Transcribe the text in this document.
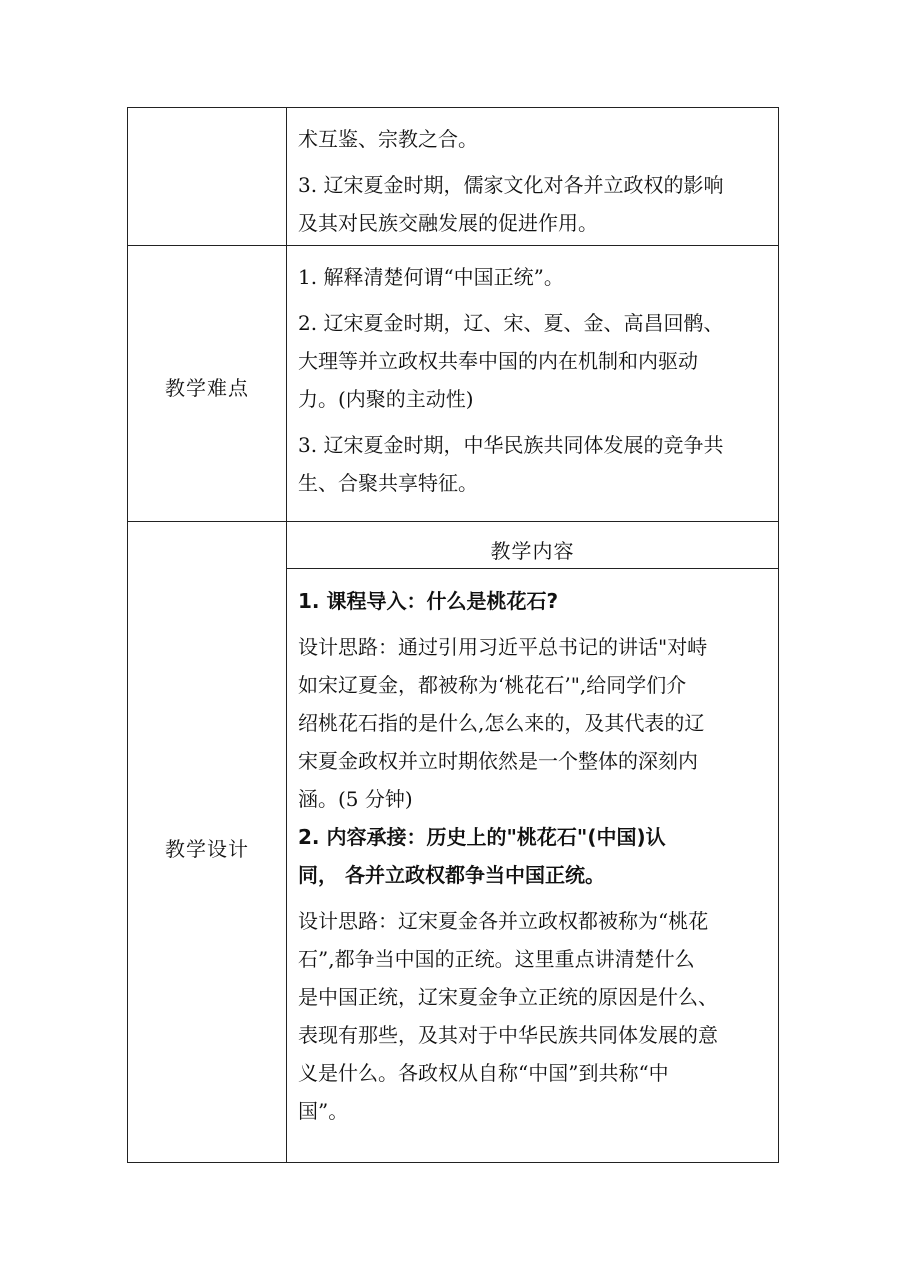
术互鉴、宗教之合。

3. 辽宋夏金时期，儒家文化对各并立政权的影响

及其对民族交融发展的促进作用。

教学难点

1. 解释清楚何谓“中国正统”。

2. 辽宋夏金时期，辽、宋、夏、金、高昌回鹘、

大理等并立政权共奉中国的内在机制和内驱动

力。(内聚的主动性)

3. 辽宋夏金时期，中华民族共同体发展的竞争共

生、合聚共享特征。

教学设计
教学内容

1. 课程导入：什么是桃花石?

设计思路：通过引用习近平总书记的讲话"对峙

如宋辽夏金，都被称为‘桃花石’",给同学们介

绍桃花石指的是什么,怎么来的，及其代表的辽

宋夏金政权并立时期依然是一个整体的深刻内

涵。(5 分钟)

2. 内容承接：历史上的"桃花石"(中国)认

同， 各并立政权都争当中国正统。

设计思路：辽宋夏金各并立政权都被称为“桃花

石”,都争当中国的正统。这里重点讲清楚什么

是中国正统，辽宋夏金争立正统的原因是什么、

表现有那些，及其对于中华民族共同体发展的意

义是什么。各政权从自称“中国”到共称“中

国”。
